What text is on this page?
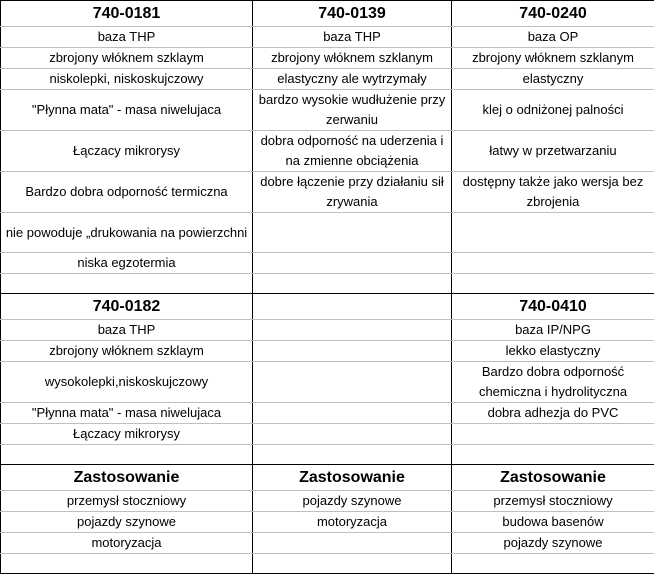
740-0181	740-0139	740-0240
baza THP	baza THP	baza OP
zbrojony włóknem szklaym	zbrojony włóknem szklanym	zbrojony włóknem szklanym
niskolepki, niskoskujczowy	elastyczny ale wytrzymały	elastyczny
"Płynna mata" - masa niwelujaca	bardzo wysokie wudłużenie przy zerwaniu	klej o odniżonej palności
Łączacy mikrorysy	dobra odporność na uderzenia i na zmienne obciążenia	łatwy w przetwarzaniu
Bardzo dobra odporność termiczna	dobre łączenie przy działaniu sił zrywania	dostępny także jako wersja bez zbrojenia
nie powoduje „drukowania na powierzchni		
niska egzotermia		

740-0182		740-0410
baza THP		baza IP/NPG
zbrojony włóknem szklaym		lekko elastyczny
wysokolepki,niskoskujczowy		Bardzo dobra odporność chemiczna i hydrolityczna
"Płynna mata" - masa niwelujaca		dobra adhezja do PVC
Łączacy mikrorysy		

Zastosowanie	Zastosowanie	Zastosowanie
przemysł stoczniowy	pojazdy szynowe	przemysł stoczniowy
pojazdy szynowe	motoryzacja	budowa basenów
motoryzacja		pojazdy szynowe
